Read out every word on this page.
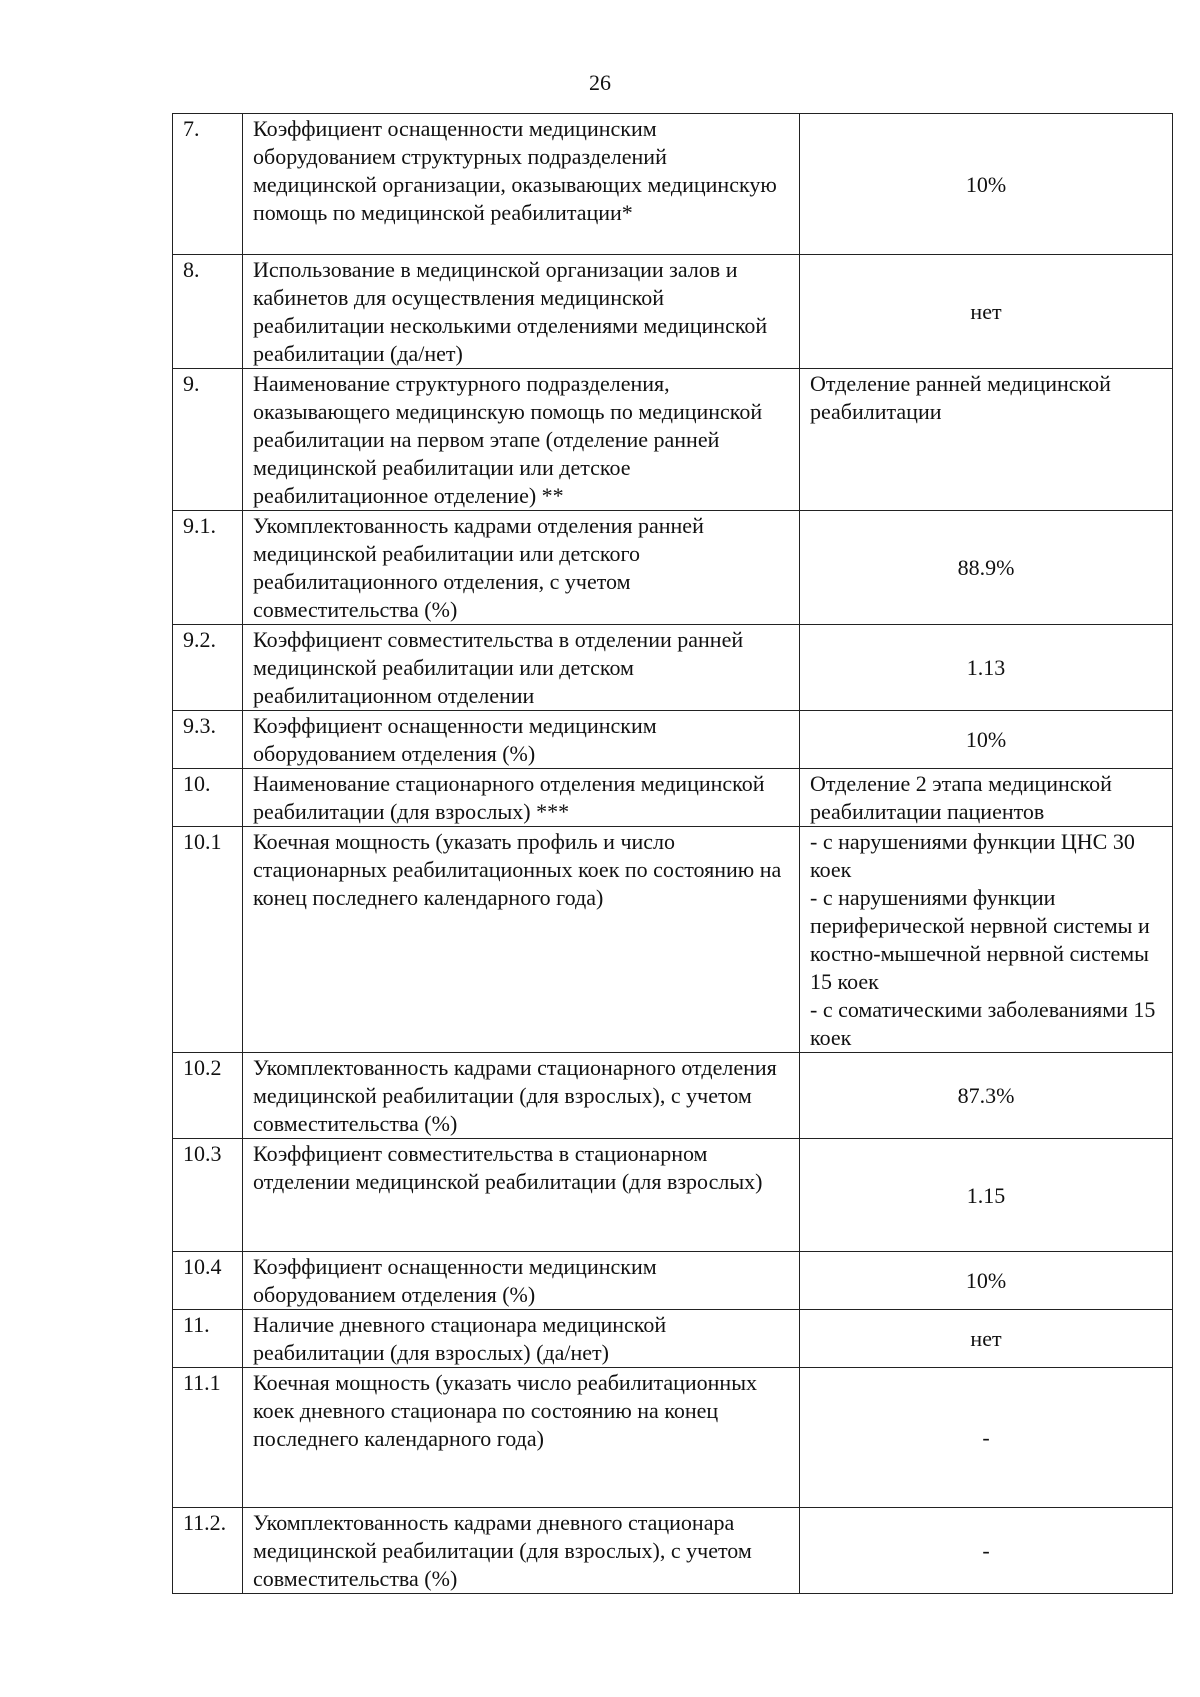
26
7.	Коэффициент оснащенности медицинским оборудованием структурных подразделений медицинской организации, оказывающих медицинскую помощь по медицинской реабилитации*	10%
8.	Использование в медицинской организации залов и кабинетов для осуществления медицинской реабилитации несколькими отделениями медицинской реабилитации (да/нет)	нет
9.	Наименование структурного подразделения, оказывающего медицинскую помощь по медицинской реабилитации на первом этапе (отделение ранней медицинской реабилитации или детское реабилитационное отделение) **	Отделение ранней медицинской реабилитации
9.1.	Укомплектованность кадрами отделения ранней медицинской реабилитации или детского реабилитационного отделения, с учетом совместительства (%)	88.9%
9.2.	Коэффициент совместительства в отделении ранней медицинской реабилитации или детском реабилитационном отделении	1.13
9.3.	Коэффициент оснащенности медицинским оборудованием отделения (%)	10%
10.	Наименование стационарного отделения медицинской реабилитации (для взрослых) ***	Отделение 2 этапа медицинской реабилитации пациентов
10.1	Коечная мощность (указать профиль и число стационарных реабилитационных коек по состоянию на конец последнего календарного года)	- с нарушениями функции ЦНС 30 коек
- с нарушениями функции периферической нервной системы и костно-мышечной нервной системы 15 коек
- с соматическими заболеваниями 15 коек
10.2	Укомплектованность кадрами стационарного отделения медицинской реабилитации (для взрослых), с учетом совместительства (%)	87.3%
10.3	Коэффициент совместительства в стационарном отделении медицинской реабилитации (для взрослых)	1.15
10.4	Коэффициент оснащенности медицинским оборудованием отделения (%)	10%
11.	Наличие дневного стационара медицинской реабилитации (для взрослых) (да/нет)	нет
11.1	Коечная мощность (указать число реабилитационных коек дневного стационара по состоянию на конец последнего календарного года)	-
11.2.	Укомплектованность кадрами дневного стационара медицинской реабилитации (для взрослых), с учетом совместительства (%)	-
